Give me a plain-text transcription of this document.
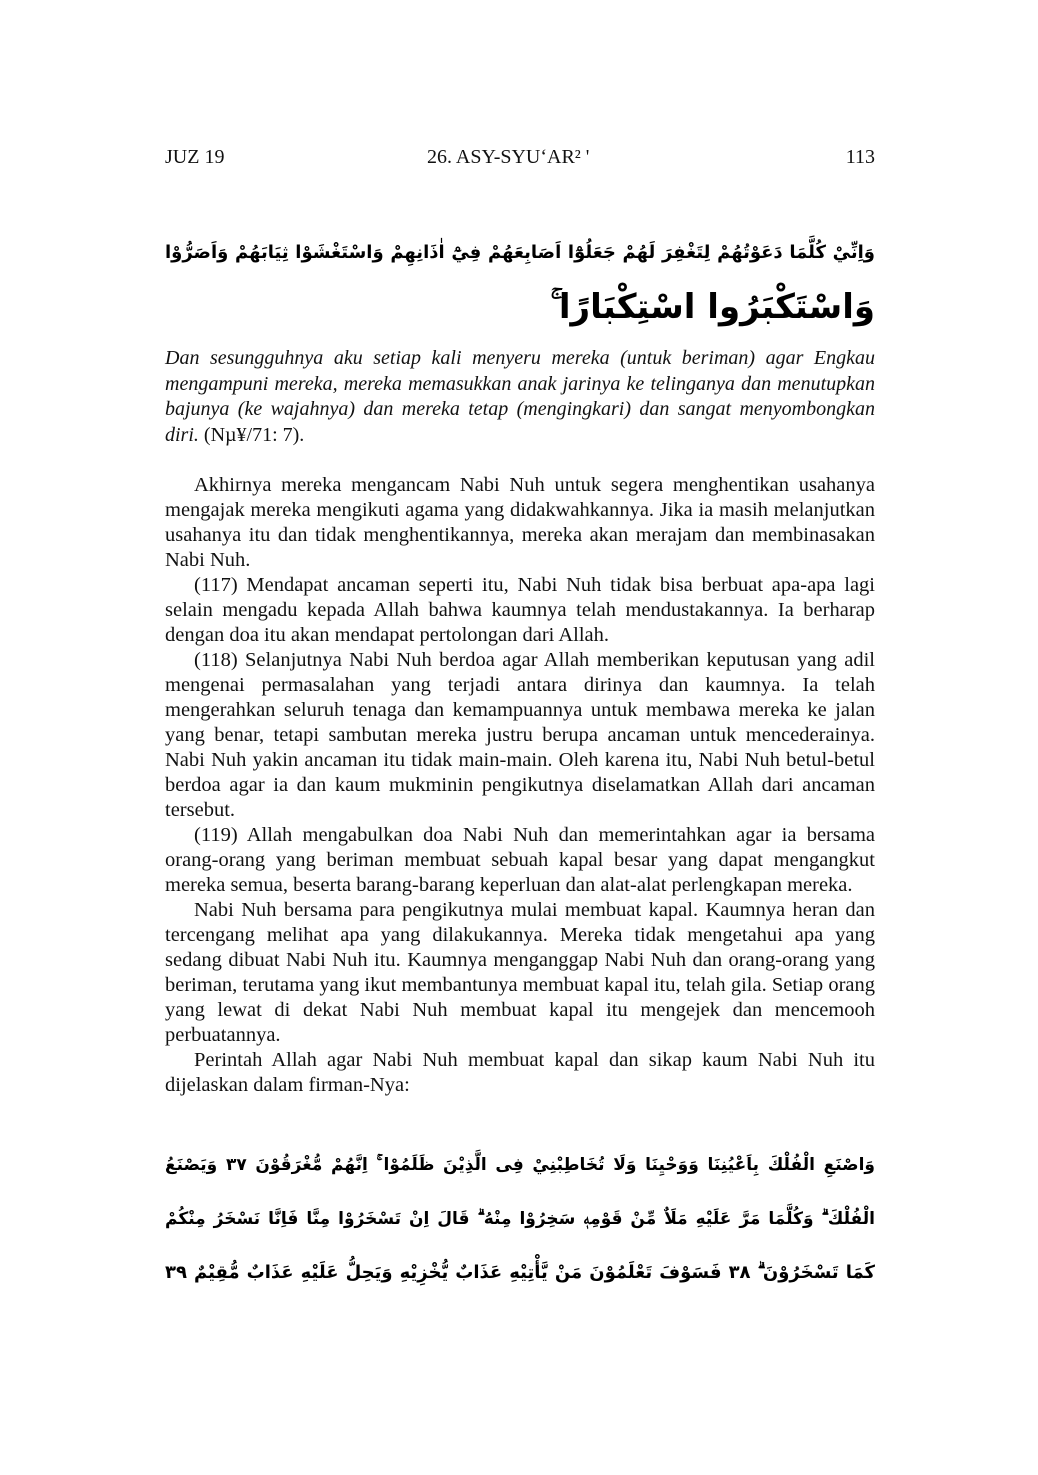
JUZ 19	26. ASY-SYU‘AR² '	113
وَاِنِّيْ كُلَّمَا دَعَوْتُهُمْ لِتَغْفِرَ لَهُمْ جَعَلُوْٓا اَصَابِعَهُمْ فِيْٓ اٰذَانِهِمْ وَاسْتَغْشَوْا ثِيَابَهُمْ وَاَصَرُّوْا
وَاسْتَكْبَرُوا اسْتِكْبَارًا ۚ
Dan sesungguhnya aku setiap kali menyeru mereka (untuk beriman) agar Engkau mengampuni mereka, mereka memasukkan anak jarinya ke telinganya dan menutupkan bajunya (ke wajahnya) dan mereka tetap (mengingkari) dan sangat menyombongkan diri. (Nµ¥/71: 7).

Akhirnya mereka mengancam Nabi Nuh untuk segera menghentikan usahanya mengajak mereka mengikuti agama yang didakwahkannya. Jika ia masih melanjutkan usahanya itu dan tidak menghentikannya, mereka akan merajam dan membinasakan Nabi Nuh.

(117) Mendapat ancaman seperti itu, Nabi Nuh tidak bisa berbuat apa-apa lagi selain mengadu kepada Allah bahwa kaumnya telah mendustakannya. Ia berharap dengan doa itu akan mendapat pertolongan dari Allah.

(118) Selanjutnya Nabi Nuh berdoa agar Allah memberikan keputusan yang adil mengenai permasalahan yang terjadi antara dirinya dan kaumnya. Ia telah mengerahkan seluruh tenaga dan kemampuannya untuk membawa mereka ke jalan yang benar, tetapi sambutan mereka justru berupa ancaman untuk mencederainya. Nabi Nuh yakin ancaman itu tidak main-main. Oleh karena itu, Nabi Nuh betul-betul berdoa agar ia dan kaum mukminin pengikutnya diselamatkan Allah dari ancaman tersebut.

(119) Allah mengabulkan doa Nabi Nuh dan memerintahkan agar ia bersama orang-orang yang beriman membuat sebuah kapal besar yang dapat mengangkut mereka semua, beserta barang-barang keperluan dan alat-alat perlengkapan mereka.

Nabi Nuh bersama para pengikutnya mulai membuat kapal. Kaumnya heran dan tercengang melihat apa yang dilakukannya. Mereka tidak mengetahui apa yang sedang dibuat Nabi Nuh itu. Kaumnya menganggap Nabi Nuh dan orang-orang yang beriman, terutama yang ikut membantunya membuat kapal itu, telah gila. Setiap orang yang lewat di dekat Nabi Nuh membuat kapal itu mengejek dan mencemooh perbuatannya.

Perintah Allah agar Nabi Nuh membuat kapal dan sikap kaum Nabi Nuh itu dijelaskan dalam firman-Nya:

وَاصْنَعِ الْفُلْكَ بِاَعْيُنِنَا وَوَحْيِنَا وَلَا تُخَاطِبْنِيْ فِى الَّذِيْنَ ظَلَمُوْا ۚ اِنَّهُمْ مُّغْرَقُوْنَ ٣٧ وَيَصْنَعُ
الْفُلْكَ ۗ وَكُلَّمَا مَرَّ عَلَيْهِ مَلَاٌ مِّنْ قَوْمِهٖ سَخِرُوْا مِنْهُ ۗ قَالَ اِنْ تَسْخَرُوْا مِنَّا فَاِنَّا نَسْخَرُ مِنْكُمْ
كَمَا تَسْخَرُوْنَ ۗ ٣٨ فَسَوْفَ تَعْلَمُوْنَ مَنْ يَّأْتِيْهِ عَذَابٌ يُّخْزِيْهِ وَيَحِلُّ عَلَيْهِ عَذَابٌ مُّقِيْمٌ ٣٩
